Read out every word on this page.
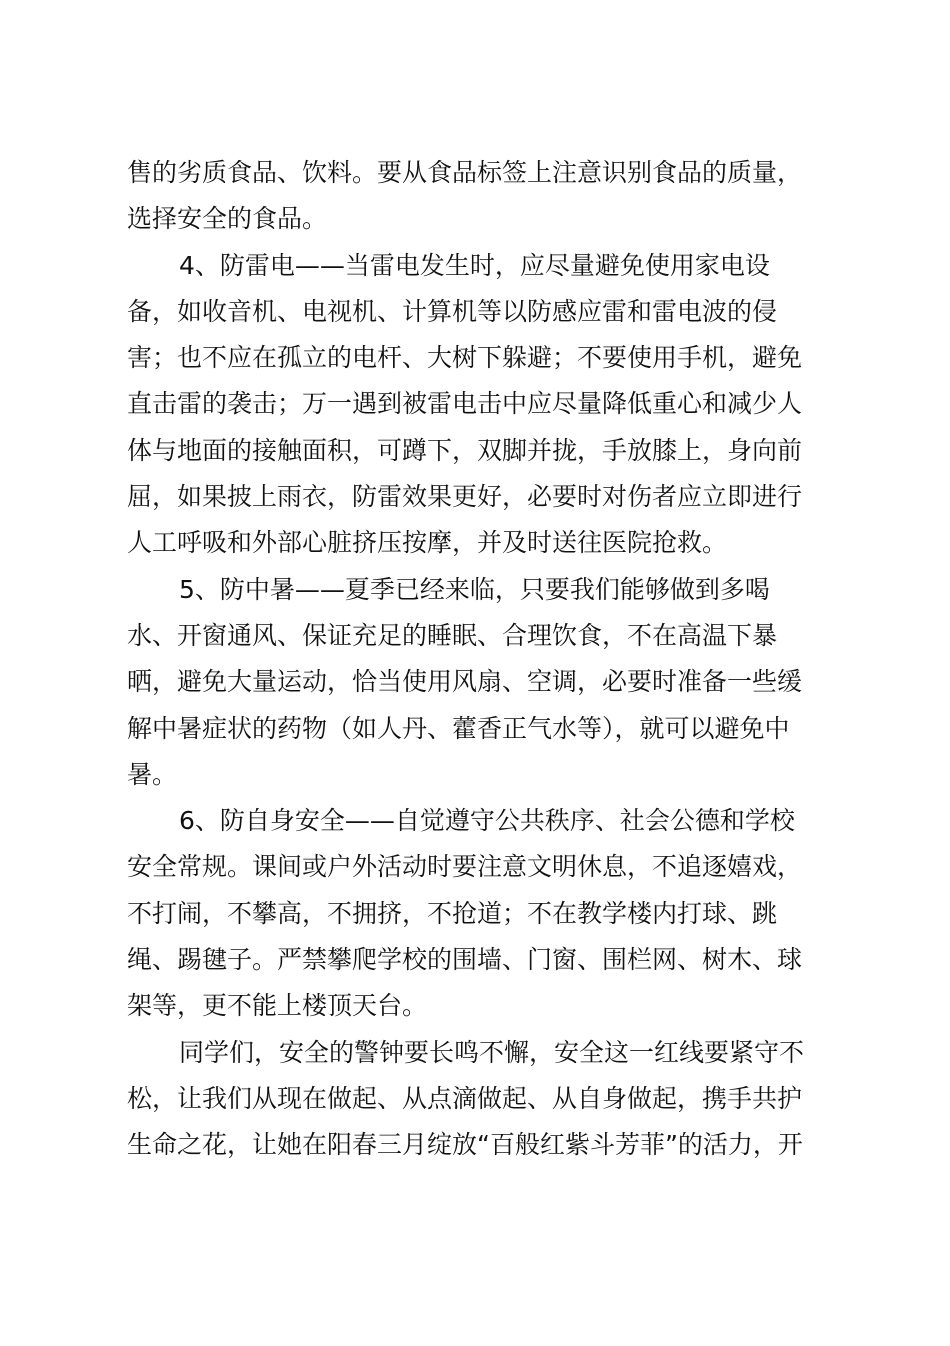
售的劣质食品、饮料。要从食品标签上注意识别食品的质量，
选择安全的食品。
4、防雷电——当雷电发生时，应尽量避免使用家电设
备，如收音机、电视机、计算机等以防感应雷和雷电波的侵
害；也不应在孤立的电杆、大树下躲避；不要使用手机，避免
直击雷的袭击；万一遇到被雷电击中应尽量降低重心和减少人
体与地面的接触面积，可蹲下，双脚并拢，手放膝上，身向前
屈，如果披上雨衣，防雷效果更好，必要时对伤者应立即进行
人工呼吸和外部心脏挤压按摩，并及时送往医院抢救。
5、防中暑——夏季已经来临，只要我们能够做到多喝
水、开窗通风、保证充足的睡眠、合理饮食，不在高温下暴
晒，避免大量运动，恰当使用风扇、空调，必要时准备一些缓
解中暑症状的药物（如人丹、藿香正气水等），就可以避免中
暑。
6、防自身安全——自觉遵守公共秩序、社会公德和学校
安全常规。课间或户外活动时要注意文明休息，不追逐嬉戏，
不打闹，不攀高，不拥挤，不抢道；不在教学楼内打球、跳
绳、踢毽子。严禁攀爬学校的围墙、门窗、围栏网、树木、球
架等，更不能上楼顶天台。
同学们，安全的警钟要长鸣不懈，安全这一红线要紧守不
松，让我们从现在做起、从点滴做起、从自身做起，携手共护
生命之花，让她在阳春三月绽放“百般红紫斗芳菲”的活力，开
